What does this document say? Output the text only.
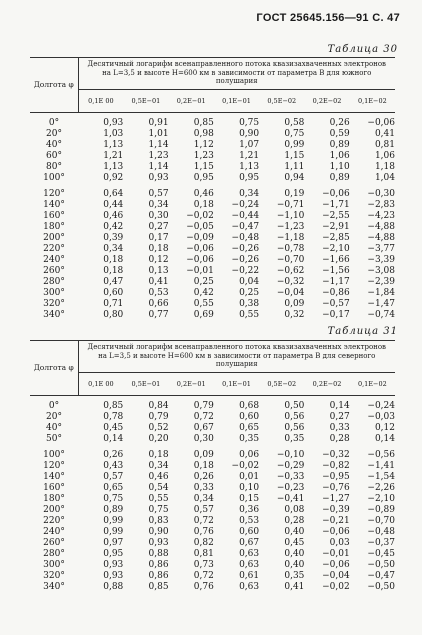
ГОСТ 25645.156—91 С. 47
Таблица 30
Долгота φ	Десятичный логарифм всенаправленного потока квазизахваченных электронов на L=3,5 и высоте H=600 км в зависимости от параметра B для южного полушария						
	0,1E 00	0,5E−01	0,2E−01	0,1E−01	0,5E−02	0,2E−02	0,1E−02

0°	0,93	0,91	0,85	0,75	0,58	0,26	−0,06
20°	1,03	1,01	0,98	0,90	0,75	0,59	0,41
40°	1,13	1,14	1,12	1,07	0,99	0,89	0,81
60°	1,21	1,23	1,23	1,21	1,15	1,06	1,06
80°	1,13	1,14	1,15	1,13	1,11	1,10	1,18
100°	0,92	0,93	0,95	0,95	0,94	0,89	1,04

120°	0,64	0,57	0,46	0,34	0,19	−0,06	−0,30
140°	0,44	0,34	0,18	−0,24	−0,71	−1,71	−2,83
160°	0,46	0,30	−0,02	−0,44	−1,10	−2,55	−4,23
180°	0,42	0,27	−0,05	−0,47	−1,23	−2,91	−4,88
200°	0,39	0,17	−0,09	−0,48	−1,18	−2,85	−4,88
220°	0,34	0,18	−0,06	−0,26	−0,78	−2,10	−3,77
240°	0,18	0,12	−0,06	−0,26	−0,70	−1,66	−3,39
260°	0,18	0,13	−0,01	−0,22	−0,62	−1,56	−3,08
280°	0,47	0,41	0,25	0,04	−0,32	−1,17	−2,39
300°	0,60	0,53	0,42	0,25	−0,04	−0,86	−1,84
320°	0,71	0,66	0,55	0,38	0,09	−0,57	−1,47
340°	0,80	0,77	0,69	0,55	0,32	−0,17	−0,74
Таблица 31
Долгота φ	Десятичный логарифм всенаправленного потока квазизахваченных электронов на L=3,5 и высоте H=600 км в зависимости от параметра B для северного полушария						
	0,1E 00	0,5E−01	0,2E−01	0,1E−01	0,5E−02	0,2E−02	0,1E−02

0°	0,85	0,84	0,79	0,68	0,50	0,14	−0,24
20°	0,78	0,79	0,72	0,60	0,56	0,27	−0,03
40°	0,45	0,52	0,67	0,65	0,56	0,33	0,12
50°	0,14	0,20	0,30	0,35	0,35	0,28	0,14

100°	0,26	0,18	0,09	0,06	−0,10	−0,32	−0,56
120°	0,43	0,34	0,18	−0,02	−0,29	−0,82	−1,41
140°	0,57	0,46	0,26	0,01	−0,33	−0,95	−1,54
160°	0,65	0,54	0,33	0,10	−0,23	−0,76	−2,26
180°	0,75	0,55	0,34	0,15	−0,41	−1,27	−2,10
200°	0,89	0,75	0,57	0,36	0,08	−0,39	−0,89
220°	0,99	0,83	0,72	0,53	0,28	−0,21	−0,70
240°	0,99	0,90	0,76	0,60	0,40	−0,06	−0,48
260°	0,97	0,93	0,82	0,67	0,45	0,03	−0,37
280°	0,95	0,88	0,81	0,63	0,40	−0,01	−0,45
300°	0,93	0,86	0,73	0,63	0,40	−0,06	−0,50
320°	0,93	0,86	0,72	0,61	0,35	−0,04	−0,47
340°	0,88	0,85	0,76	0,63	0,41	−0,02	−0,50
